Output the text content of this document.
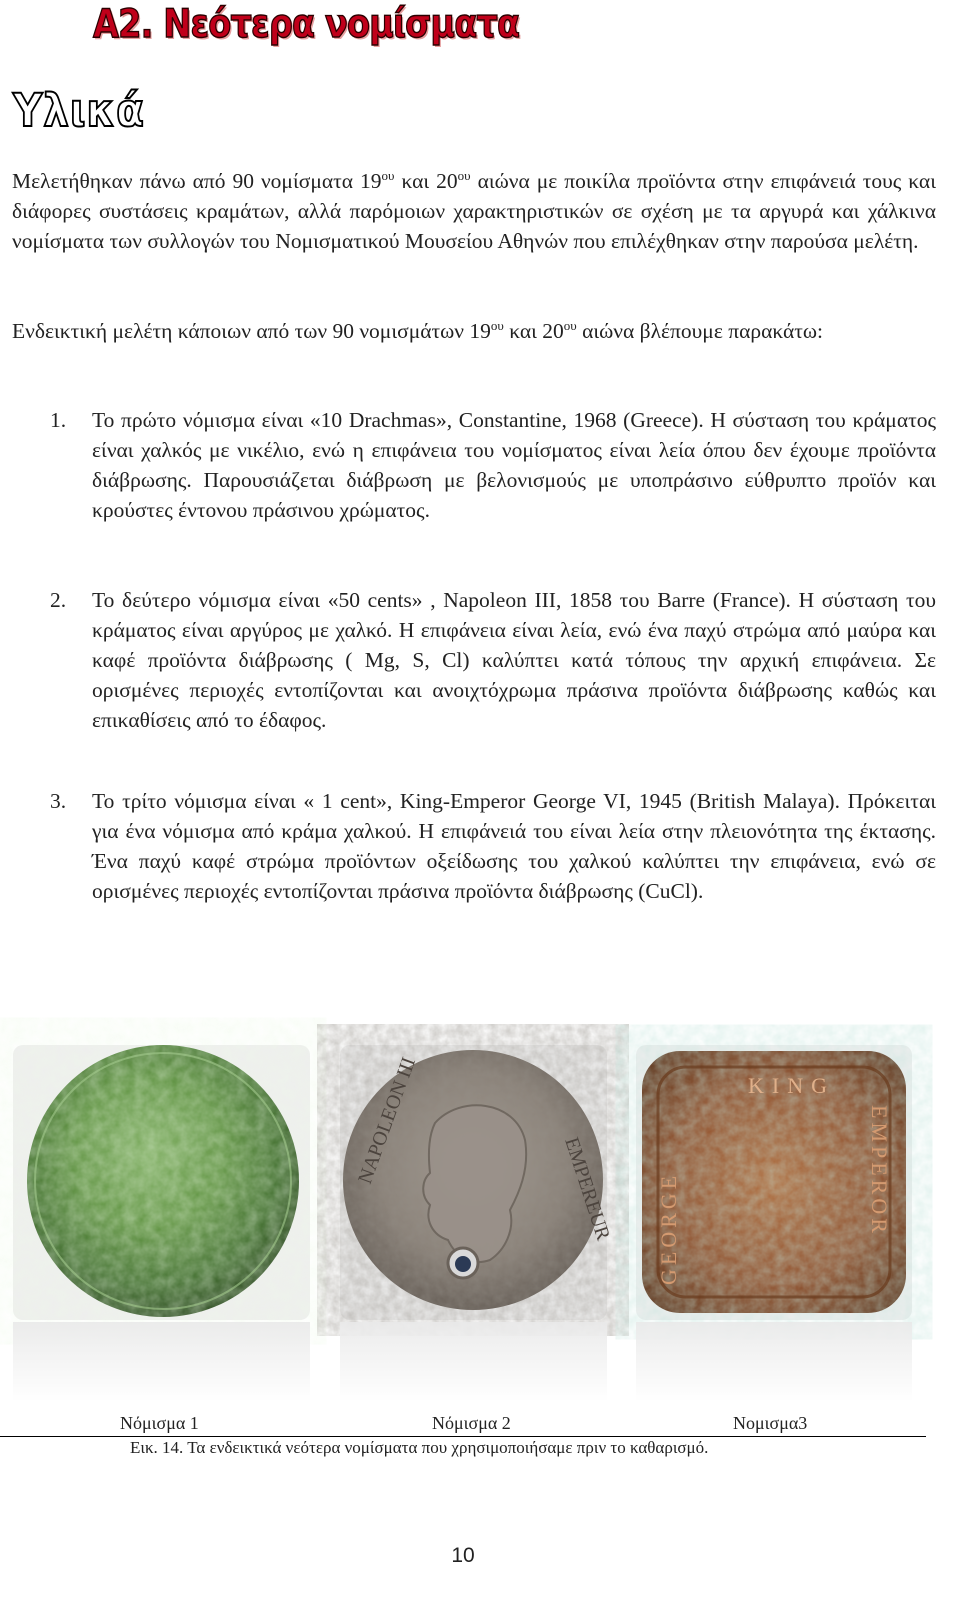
A2. Νεότερα νομίσματα
Υλικά
Μελετήθηκαν πάνω από 90 νομίσματα $19^{o\upsilon}$ και $20^{o\upsilon}$ αιώνα με ποικίλα προϊόντα στην επιφάνειά τους και διάφορες συστάσεις κραμάτων, αλλά παρόμοιων χαρακτηριστικών σε σχέση με τα αργυρά και χάλκινα νομίσματα των συλλογών του Νομισματικού Μουσείου Αθηνών που επιλέχθηκαν στην παρούσα μελέτη.
Ενδεικτική μελέτη κάποιων από των 90 νομισμάτων $19^{o\upsilon}$ και $20^{o\upsilon}$ αιώνα βλέπουμε παρακάτω:
1.	Το πρώτο νόμισμα είναι «10 Drachmas», Constantine, 1968 (Greece). Η σύσταση του κράματος είναι χαλκός με νικέλιο, ενώ η επιφάνεια του νομίσματος είναι λεία όπου δεν έχουμε προϊόντα διάβρωσης. Παρουσιάζεται διάβρωση με βελονισμούς με υποπράσινο εύθρυπτο προϊόν και κρούστες έντονου πράσινου χρώματος.
2.	Το δεύτερο νόμισμα είναι «50 cents» , Napoleon III, 1858 του Barre (France). Η σύσταση του κράματος είναι αργύρος με χαλκό. Η επιφάνεια είναι λεία, ενώ ένα παχύ στρώμα από μαύρα και καφέ προϊόντα διάβρωσης ( Mg, S, Cl) καλύπτει κατά τόπους την αρχική επιφάνεια. Σε ορισμένες περιοχές εντοπίζονται και ανοιχτόχρωμα πράσινα προϊόντα διάβρωσης καθώς και επικαθίσεις από το έδαφος.
3.	Το τρίτο νόμισμα είναι « 1 cent», King-Emperor George VI, 1945 (British Malaya). Πρόκειται για ένα νόμισμα από κράμα χαλκού. Η επιφάνειά του είναι λεία στην πλειονότητα της έκτασης. Ένα παχύ καφέ στρώμα προϊόντων οξείδωσης του χαλκού καλύπτει την επιφάνεια, ενώ σε ορισμένες περιοχές εντοπίζονται πράσινα προϊόντα διάβρωσης (CuCl).
NAPOLEON III
EMPEREUR
KING
GEORGE	EMPEROR
Νόμισμα 1	Νόμισμα 2	Νομισμα3
Εικ. 14. Τα ενδεικτικά νεότερα νομίσματα που χρησιμοποιήσαμε πριν το καθαρισμό.
10
